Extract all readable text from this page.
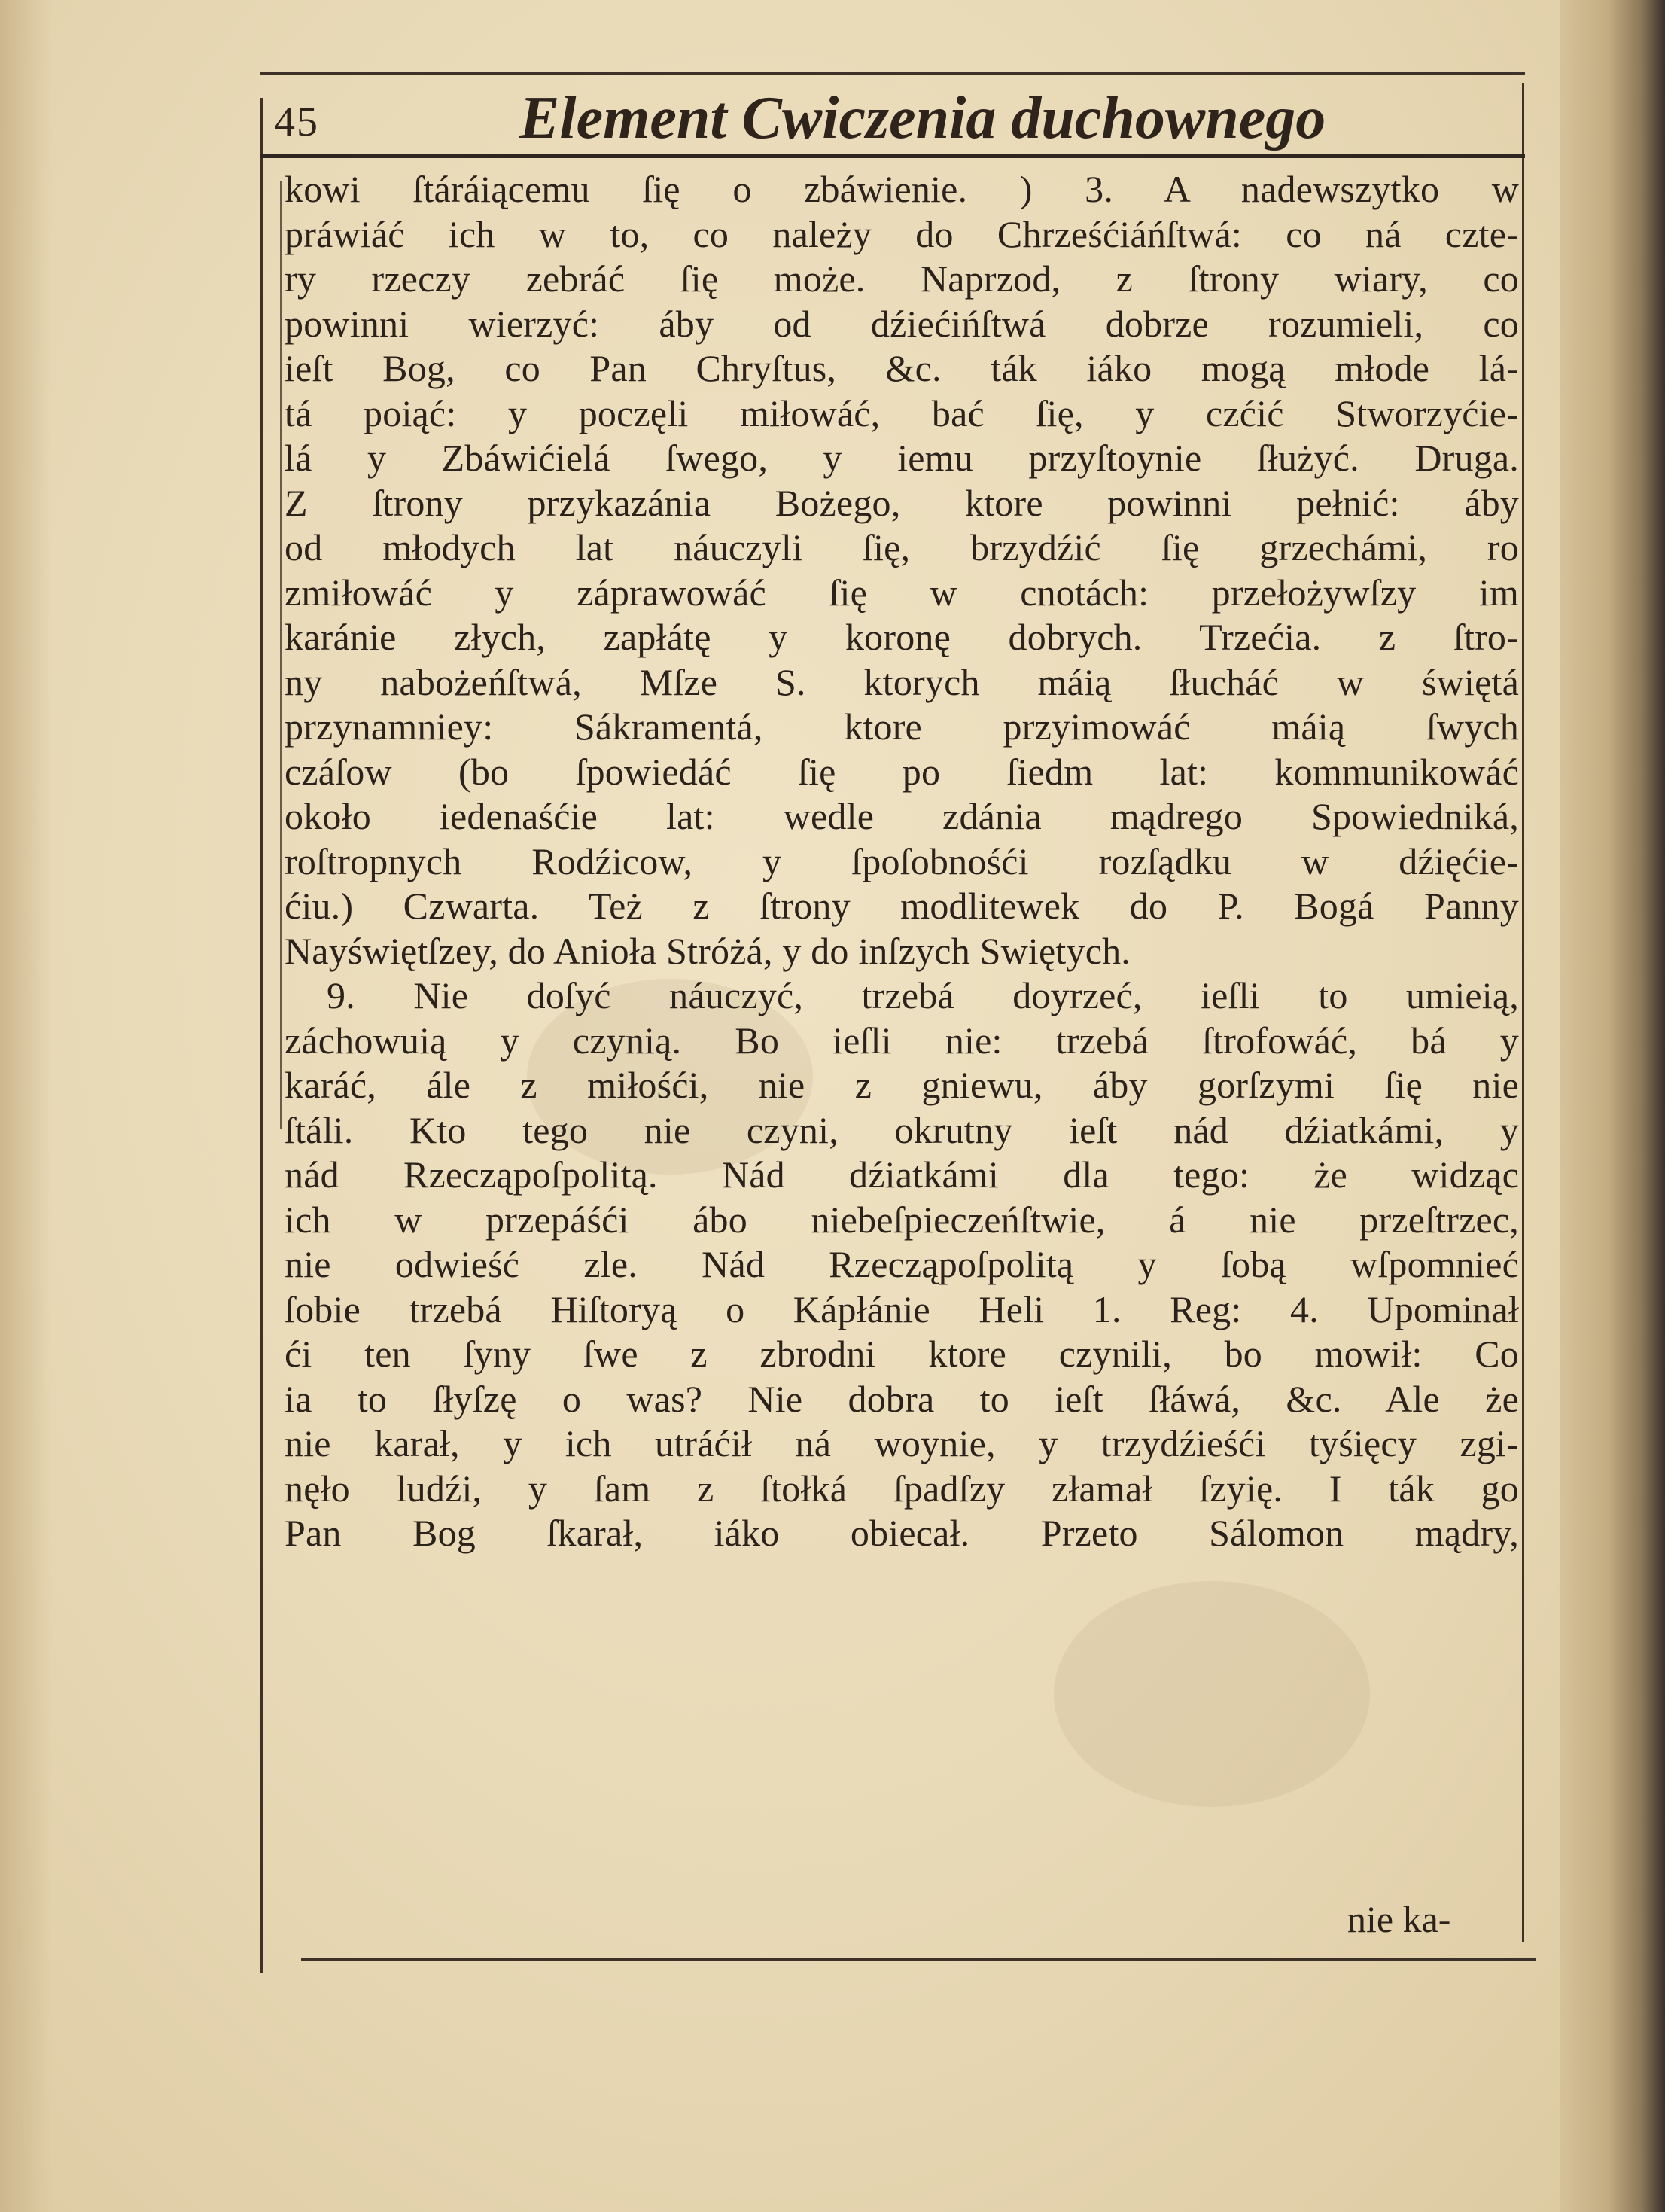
45	Element Cwiczenia duchownego
kowi ſtáráiącemu ſię o zbáwienie. ) 3. A nadewszytko w
práwiáć ich w to, co należy do Chrześćiáńſtwá: co ná czte-
ry rzeczy zebráć ſię może. Naprzod, z ſtrony wiary, co
powinni wierzyć: áby od dźiećińſtwá dobrze rozumieli, co
ieſt Bog, co Pan Chryſtus, &c. ták iáko mogą młode lá-
tá poiąć: y poczęli miłowáć, bać ſię, y czćić Stworzyćie-
lá y Zbáwićielá ſwego, y iemu przyſtoynie ſłużyć. Druga.
Z ſtrony przykazánia Bożego, ktore powinni pełnić: áby
od młodych lat náuczyli ſię, brzydźić ſię grzechámi, ro
zmiłowáć y záprawowáć ſię w cnotách: przełożywſzy im
karánie złych, zapłátę y koronę dobrych. Trzećia. z ſtro-
ny nabożeńſtwá, Mſze S. ktorych máią ſłucháć w świętá
przynamniey: Sákramentá, ktore przyimowáć máią ſwych
czáſow (bo ſpowiedáć ſię po ſiedm lat: kommunikowáć
około iedenaśćie lat: wedle zdánia mądrego Spowiedniká,
roſtropnych Rodźicow, y ſpoſobnośći rozſądku w dźięćie-
ćiu.) Czwarta. Też z ſtrony modlitewek do P. Bogá Panny
Nayświętſzey, do Anioła Stróżá, y do inſzych Swiętych.
9. Nie doſyć náuczyć, trzebá doyrzeć, ieſli to umieią,
záchowuią y czynią. Bo ieſli nie: trzebá ſtrofowáć, bá y
karáć, ále z miłośći, nie z gniewu, áby gorſzymi ſię nie
ſtáli. Kto tego nie czyni, okrutny ieſt nád dźiatkámi, y
nád Rzecząpoſpolitą. Nád dźiatkámi dla tego: że widząc
ich w przepáśći ábo niebeſpieczeńſtwie, á nie przeſtrzec,
nie odwieść zle. Nád Rzecząpoſpolitą y ſobą wſpomnieć
ſobie trzebá Hiſtoryą o Kápłánie Heli 1. Reg: 4. Upominał
ći ten ſyny ſwe z zbrodni ktore czynili, bo mowił: Co
ia to ſłyſzę o was? Nie dobra to ieſt ſłáwá, &c. Ale że
nie karał, y ich utráćił ná woynie, y trzydźieśći tyśięcy zgi-
nęło ludźi, y ſam z ſtołká ſpadſzy złamał ſzyię. I ták go
Pan Bog ſkarał, iáko obiecał. Przeto Sálomon mądry,
nie ka-
